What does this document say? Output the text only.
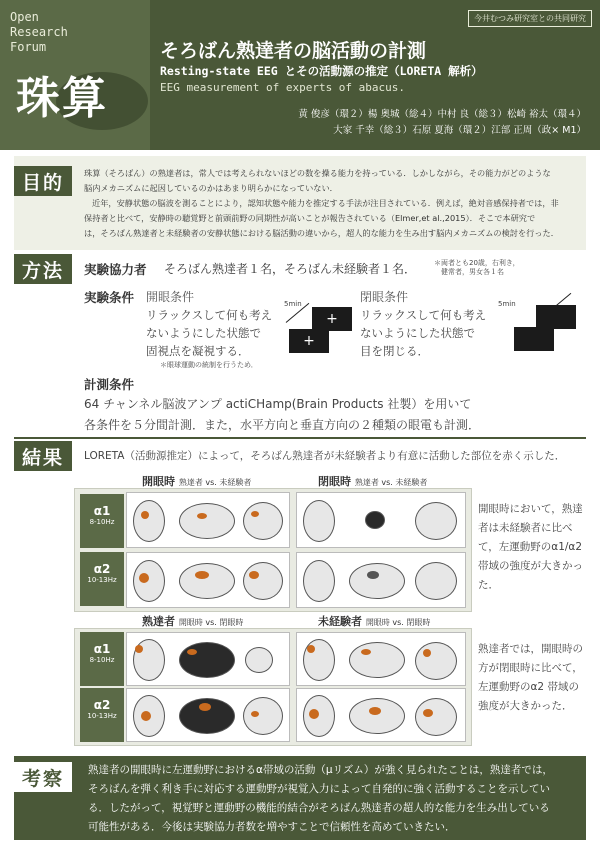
Open
Research
Forum
珠算
今井むつみ研究室との共同研究
そろばん熟達者の脳活動の計測
Resting-state EEG とその活動源の推定（LORETA 解析）
EEG measurement of experts of abacus.
黄 俊彦（環２）楊 奥城（総４）中村 良（総３）松崎 裕太（環４）
大家 千幸（総３）石原 夏海（環２）江部 正周（政× M1）
目的	珠算（そろばん）の熟達者は，常人では考えられないほどの数を操る能力を持っている．しかしながら，その能力がどのような
脳内メカニズムに起因しているのかはあまり明らかになっていない．
近年，安静状態の脳波を測ることにより，認知状態や能力を推定する手法が注目されている．例えば，絶対音感保持者では，非
保持者と比べて，安静時の聴覚野と前頭前野の同期性が高いことが報告されている（Elmer,et al.,2015）．そこで本研究で
は，そろばん熟達者と未経験者の安静状態における脳活動の違いから，超人的な能力を生み出す脳内メカニズムの検討を行った．
方法	実験協力者 そろばん熟達者１名，そろばん未経験者１名．	＊両者とも20歳，右利き，
　健常者，男女各１名
実験条件 開眼条件
リラックスして何も考え
ないようにした状態で
固視点を凝視する．
＊眼球運動の統制を行うため．
5min
+
+
閉眼条件
リラックスして何も考え
ないようにした状態で
目を閉じる．
5min
計測条件
64 チャンネル脳波アンプ actiCHamp(Brain Products 社製）を用いて
各条件を５分間計測．また，水平方向と垂直方向の２種類の眼電も計測．
結果	LORETA（活動源推定）によって，そろばん熟達者が未経験者より有意に活動した部位を赤く示した．
開眼時 熟達者 vs. 未経験者	閉眼時 熟達者 vs. 未経験者
α1
8-10Hz
α2
10-13Hz
開眼時において，熟達者は未経験者に比べて，左運動野のα1/α2 帯域の強度が大きかった．
熟達者 開眼時 vs. 閉眼時	未経験者 開眼時 vs. 閉眼時
α1
8-10Hz
α2
10-13Hz
熟達者では，開眼時の方が閉眼時に比べて，左運動野のα2 帯域の強度が大きかった．
考察	熟達者の開眼時に左運動野におけるα帯域の活動（μリズム）が強く見られたことは，熟達者では，
そろばんを弾く利き手に対応する運動野が視覚入力によって自発的に強く活動することを示してい
る．したがって，視覚野と運動野の機能的結合がそろばん熟達者の超人的な能力を生み出している
可能性がある．今後は実験協力者数を増やすことで信頼性を高めていきたい．
